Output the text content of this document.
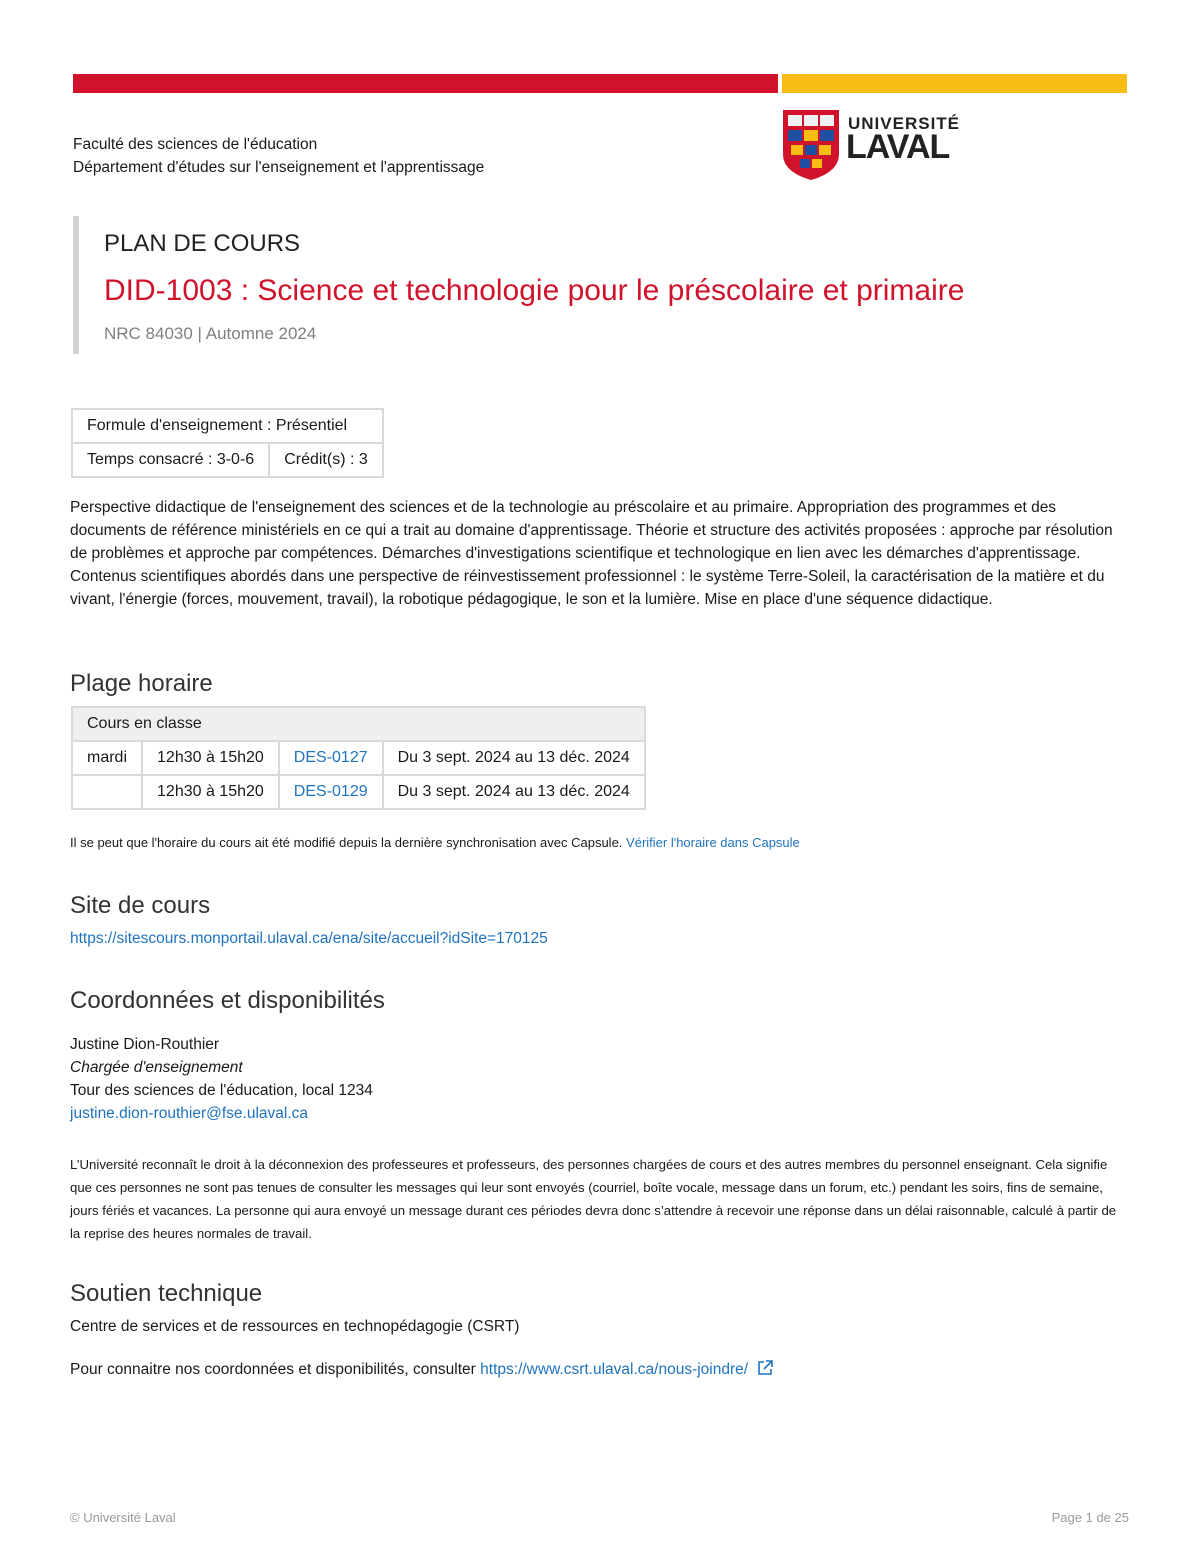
Faculté des sciences de l'éducation
Département d'études sur l'enseignement et l'apprentissage
UNIVERSITÉ
LAVAL
PLAN DE COURS
DID-1003 : Science et technologie pour le préscolaire et primaire
NRC 84030 | Automne 2024
Formule d'enseignement : Présentiel
Temps consacré : 3-0-6	Crédit(s) : 3
Perspective didactique de l'enseignement des sciences et de la technologie au préscolaire et au primaire. Appropriation des programmes et des documents de référence ministériels en ce qui a trait au domaine d'apprentissage. Théorie et structure des activités proposées : approche par résolution de problèmes et approche par compétences. Démarches d'investigations scientifique et technologique en lien avec les démarches d'apprentissage. Contenus scientifiques abordés dans une perspective de réinvestissement professionnel : le système Terre-Soleil, la caractérisation de la matière et du vivant, l'énergie (forces, mouvement, travail), la robotique pédagogique, le son et la lumière. Mise en place d'une séquence didactique.
Plage horaire
Cours en classe			
mardi	12h30 à 15h20	DES-0127	Du 3 sept. 2024 au 13 déc. 2024
	12h30 à 15h20	DES-0129	Du 3 sept. 2024 au 13 déc. 2024
Il se peut que l'horaire du cours ait été modifié depuis la dernière synchronisation avec Capsule. Vérifier l'horaire dans Capsule
Site de cours
https://sitescours.monportail.ulaval.ca/ena/site/accueil?idSite=170125
Coordonnées et disponibilités
Justine Dion-Routhier
Chargée d'enseignement
Tour des sciences de l'éducation, local 1234
justine.dion-routhier@fse.ulaval.ca
L’Université reconnaît le droit à la déconnexion des professeures et professeurs, des personnes chargées de cours et des autres membres du personnel enseignant. Cela signifie que ces personnes ne sont pas tenues de consulter les messages qui leur sont envoyés (courriel, boîte vocale, message dans un forum, etc.) pendant les soirs, fins de semaine, jours fériés et vacances. La personne qui aura envoyé un message durant ces périodes devra donc s’attendre à recevoir une réponse dans un délai raisonnable, calculé à partir de la reprise des heures normales de travail.
Soutien technique
Centre de services et de ressources en technopédagogie (CSRT)
Pour connaitre nos coordonnées et disponibilités, consulter https://www.csrt.ulaval.ca/nous-joindre/
© Université Laval	Page 1 de 25
